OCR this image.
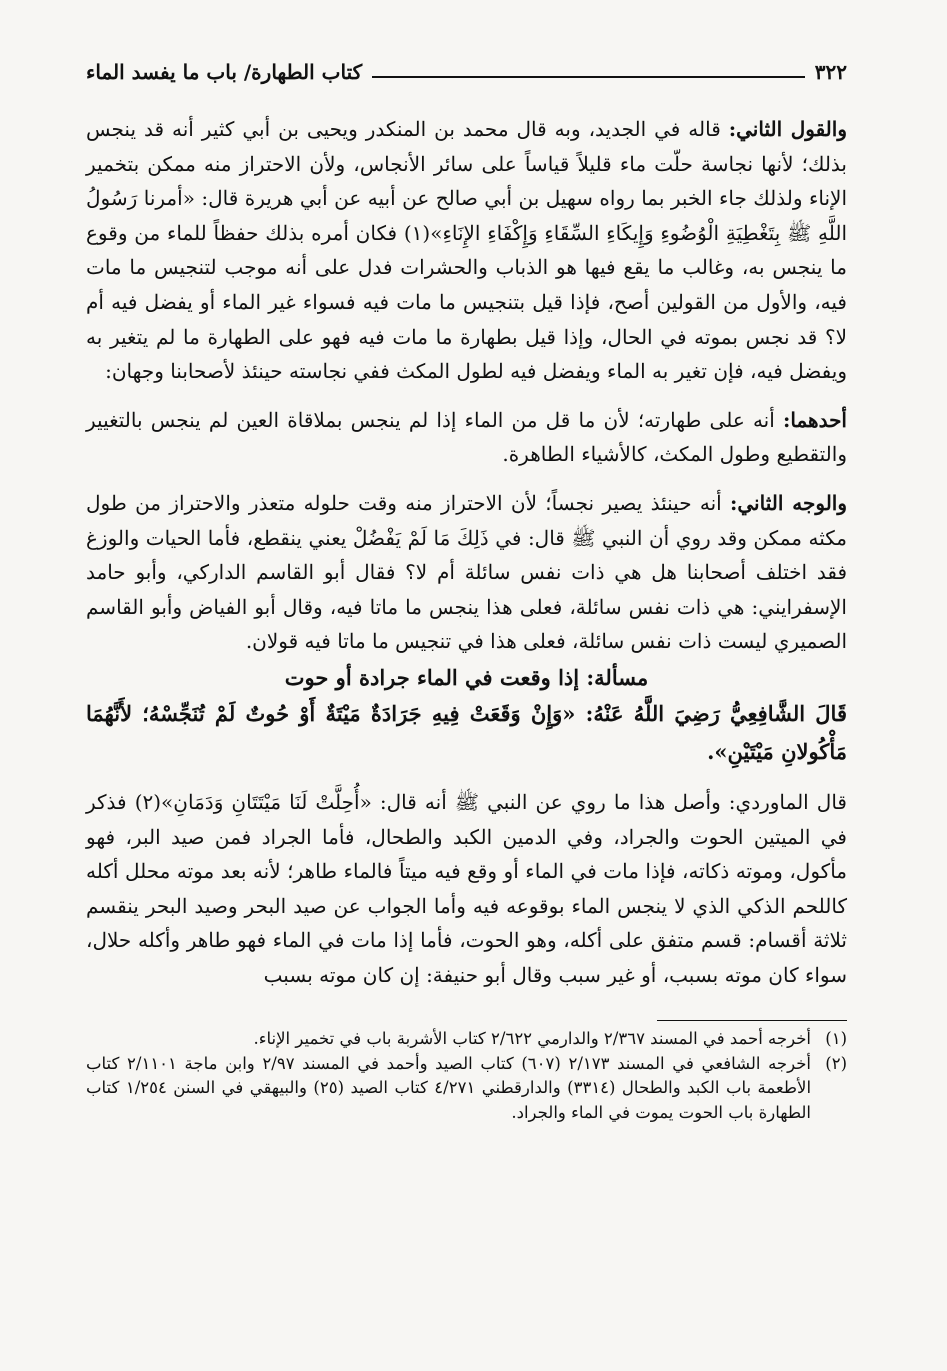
٣٢٢
كتاب الطهارة/ باب ما يفسد الماء

والقول الثاني: قاله في الجديد، وبه قال محمد بن المنكدر ويحيى بن أبي كثير أنه قد ينجس بذلك؛ لأنها نجاسة حلّت ماء قليلاً قياساً على سائر الأنجاس، ولأن الاحتراز منه ممكن بتخمير الإناء ولذلك جاء الخبر بما رواه سهيل بن أبي صالح عن أبيه عن أبي هريرة قال: «أمرنا رَسُولُ اللَّهِ ﷺ بِتَغْطِيَةِ الْوُضُوءِ وَإِيكَاءِ السِّقَاءِ وَإِكْفَاءِ الإِنَاءِ»(١) فكان أمره بذلك حفظاً للماء من وقوع ما ينجس به، وغالب ما يقع فيها هو الذباب والحشرات فدل على أنه موجب لتنجيس ما مات فيه، والأول من القولين أصح، فإذا قيل بتنجيس ما مات فيه فسواء غير الماء أو يفضل فيه أم لا؟ قد نجس بموته في الحال، وإذا قيل بطهارة ما مات فيه فهو على الطهارة ما لم يتغير به ويفضل فيه، فإن تغير به الماء ويفضل فيه لطول المكث ففي نجاسته حينئذ لأصحابنا وجهان:

أحدهما: أنه على طهارته؛ لأن ما قل من الماء إذا لم ينجس بملاقاة العين لم ينجس بالتغيير والتقطيع وطول المكث، كالأشياء الطاهرة.

والوجه الثاني: أنه حينئذ يصير نجساً؛ لأن الاحتراز منه وقت حلوله متعذر والاحتراز من طول مكثه ممكن وقد روي أن النبي ﷺ قال: في ذَلِكَ مَا لَمْ يَفْضُلْ يعني ينقطع، فأما الحيات والوزغ فقد اختلف أصحابنا هل هي ذات نفس سائلة أم لا؟ فقال أبو القاسم الداركي، وأبو حامد الإسفرايني: هي ذات نفس سائلة، فعلى هذا ينجس ما ماتا فيه، وقال أبو الفياض وأبو القاسم الصميري ليست ذات نفس سائلة، فعلى هذا في تنجيس ما ماتا فيه قولان.

مسألة: إذا وقعت في الماء جرادة أو حوت

قَالَ الشَّافِعِيُّ رَضِيَ اللَّهُ عَنْهُ: «وَإِنْ وَقَعَتْ فِيهِ جَرَادَةٌ مَيْتَةٌ أَوْ حُوتٌ لَمْ تُنَجِّسْهُ؛ لأَنَّهُمَا مَأْكُولانِ مَيْتَيْنِ».

قال الماوردي: وأصل هذا ما روي عن النبي ﷺ أنه قال: «أُحِلَّتْ لَنَا مَيْتَتَانِ وَدَمَانِ»(٢) فذكر في الميتين الحوت والجراد، وفي الدمين الكبد والطحال، فأما الجراد فمن صيد البر، فهو مأكول، وموته ذكاته، فإذا مات في الماء أو وقع فيه ميتاً فالماء طاهر؛ لأنه بعد موته محلل أكله كاللحم الذكي الذي لا ينجس الماء بوقوعه فيه وأما الجواب عن صيد البحر وصيد البحر ينقسم ثلاثة أقسام: قسم متفق على أكله، وهو الحوت، فأما إذا مات في الماء فهو طاهر وأكله حلال، سواء كان موته بسبب، أو غير سبب وقال أبو حنيفة: إن كان موته بسبب

(١)
أخرجه أحمد في المسند ٢/٣٦٧ والدارمي ٢/٦٢٢ كتاب الأشربة باب في تخمير الإناء.
(٢)
أخرجه الشافعي في المسند ٢/١٧٣ (٦٠٧) كتاب الصيد وأحمد في المسند ٢/٩٧ وابن ماجة ٢/١١٠١ كتاب الأطعمة باب الكبد والطحال (٣٣١٤) والدارقطني ٤/٢٧١ كتاب الصيد (٢٥) والبيهقي في السنن ١/٢٥٤ كتاب الطهارة باب الحوت يموت في الماء والجراد.
